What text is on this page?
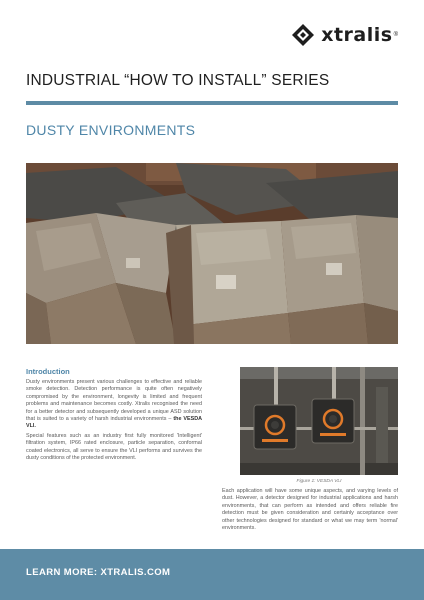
xtralis ®
INDUSTRIAL “HOW TO INSTALL” SERIES
DUSTY ENVIRONMENTS
Introduction

Dusty environments present various challenges to effective and reliable smoke detection. Detection performance is quite often negatively compromised by the environment, longevity is limited and frequent problems and maintenance becomes costly. Xtralis recognised the need for a better detector and subsequently developed a unique ASD solution that is suited to a variety of harsh industrial environments – the VESDA VLI.

Special features such as an industry first fully monitored 'Intelligent' filtration system, IP66 rated enclosure, particle separation, conformal coated electronics, all serve to ensure the VLI performs and survives the dusty conditions of the protected environment.

Figure 1: VESDA VLI

Each application will have some unique aspects, and varying levels of dust. However, a detector designed for industrial applications and harsh environments, that can perform as intended and offers reliable fire detection must be given consideration and certainly acceptance over other technologies designed for standard or what we may term 'normal' environments.

LEARN MORE: XTRALIS.COM
